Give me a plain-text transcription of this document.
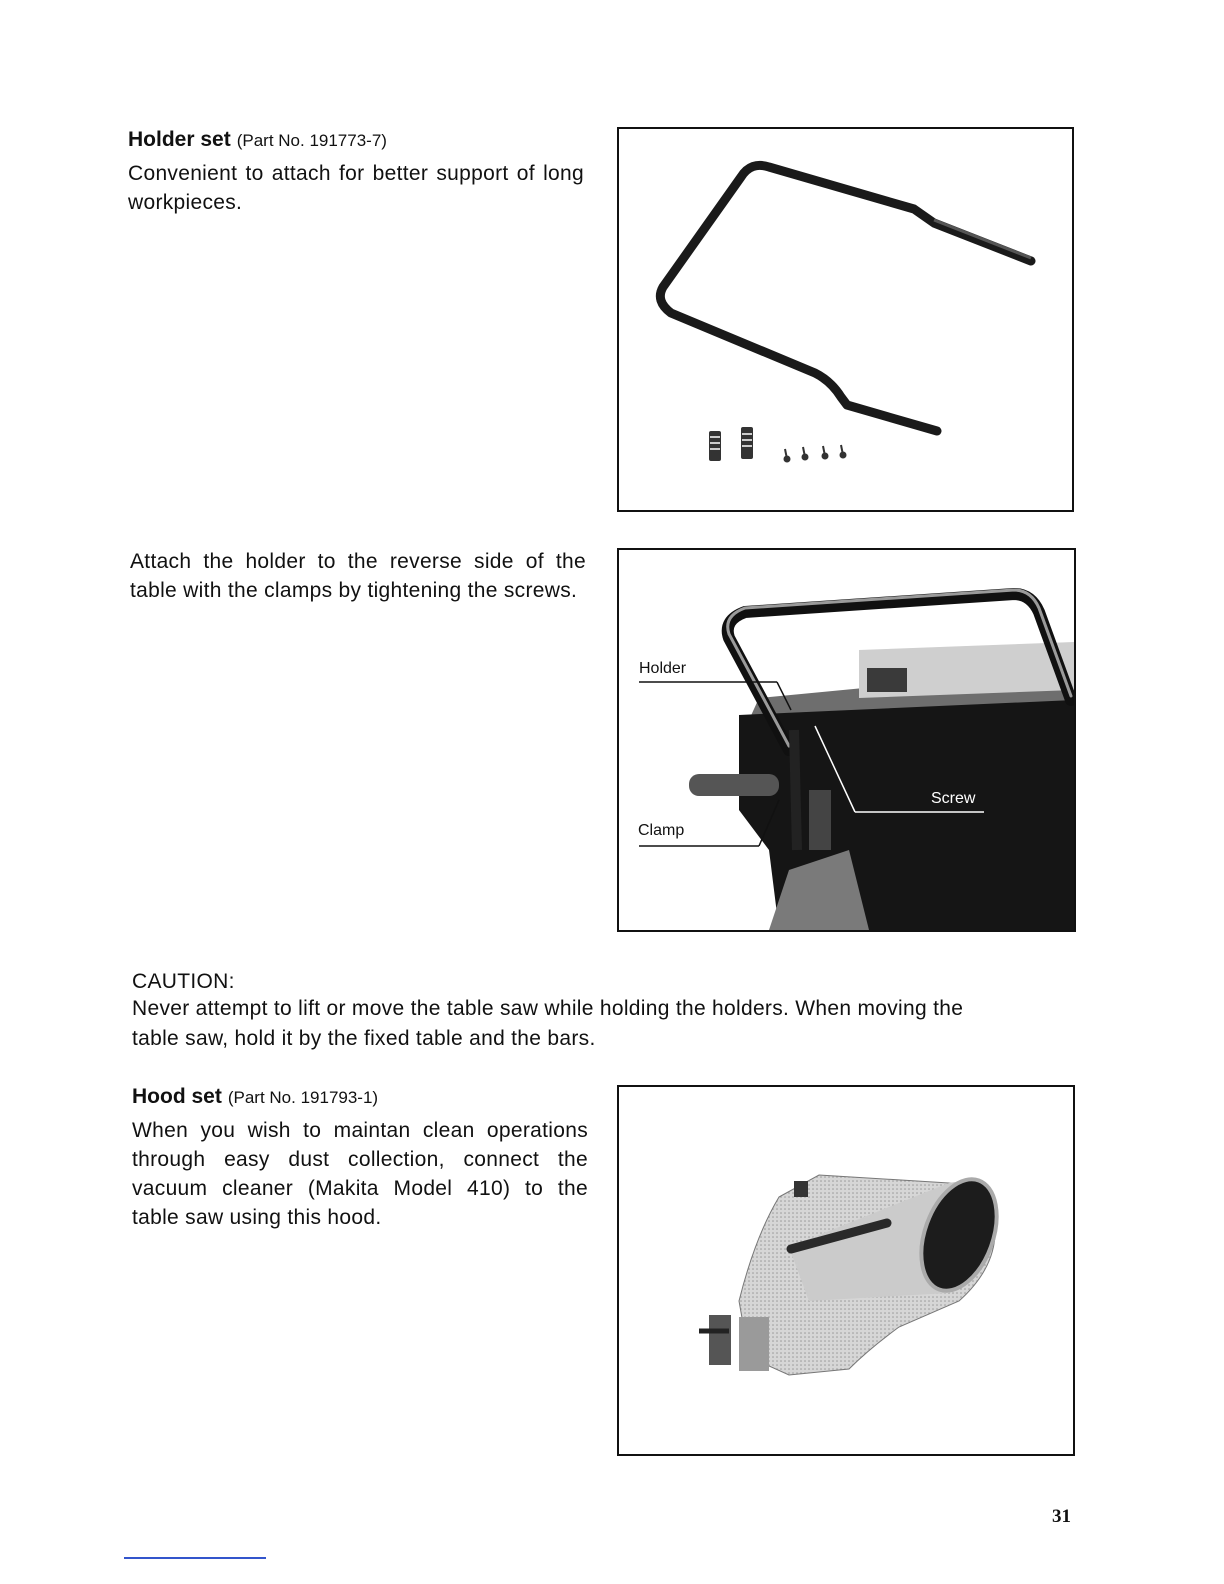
Holder set (Part No. 191773-7)
Convenient to attach for better support of long workpieces.
Attach the holder to the reverse side of the table with the clamps by tightening the screws.
Holder
Clamp
Screw
CAUTION:
Never attempt to lift or move the table saw while holding the holders. When moving the
table saw, hold it by the fixed table and the bars.
Hood set (Part No. 191793-1)
When you wish to maintan clean operations through easy dust collection, connect the vacuum cleaner (Makita Model 410) to the table saw using this hood.
31
